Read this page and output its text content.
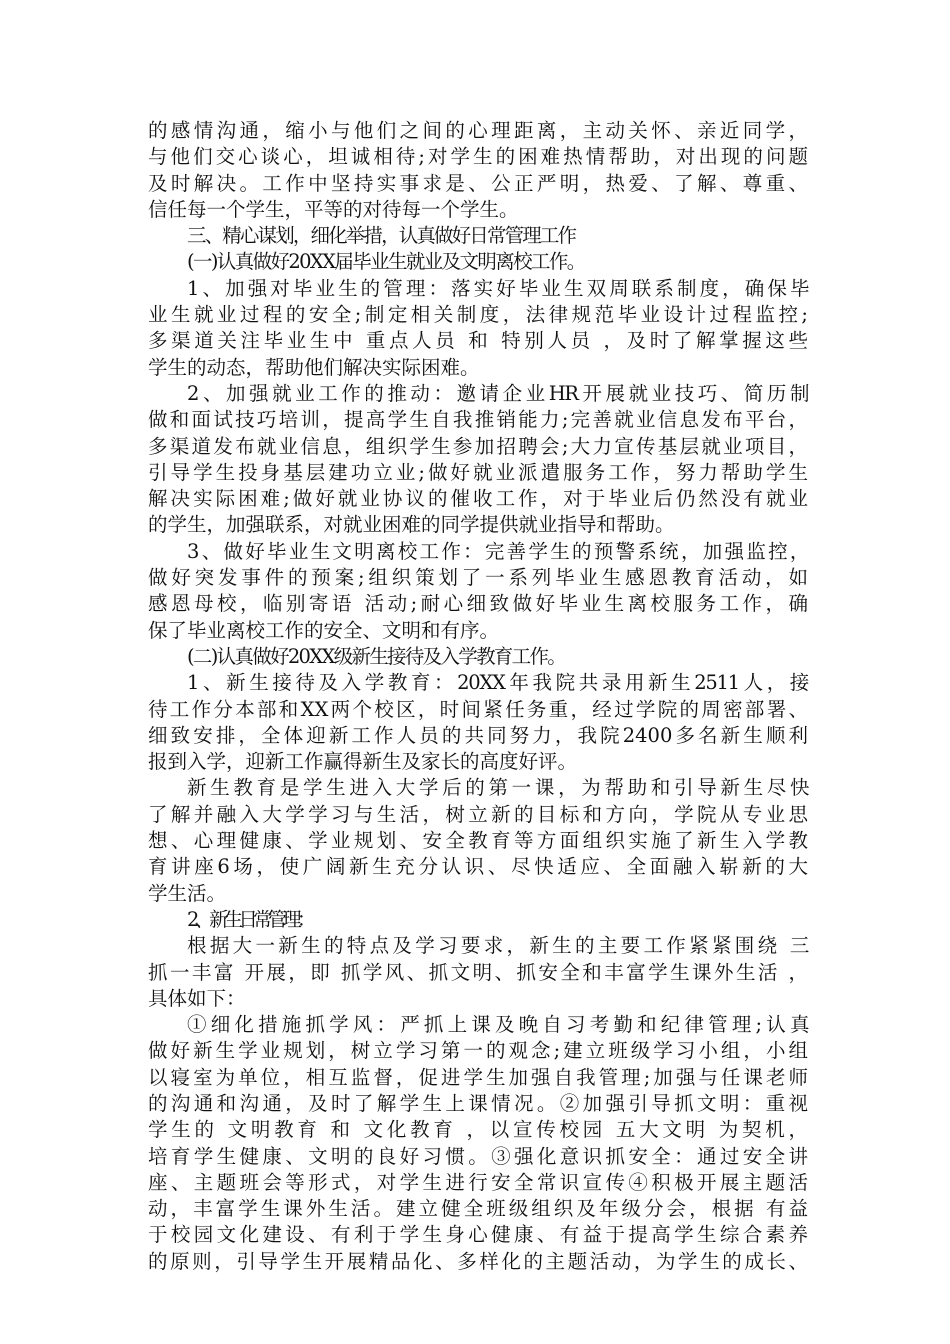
的感情沟通，缩小与他们之间的心理距离，主动关怀、亲近同学，
与他们交心谈心，坦诚相待;对学生的困难热情帮助，对出现的问题
及时解决。工作中坚持实事求是、公正严明，热爱、了解、尊重、
信任每一个学生，平等的对待每一个学生。
三、精心谋划，细化举措，认真做好日常管理工作
(一)认真做好20XX届毕业生就业及文明离校工作。
1、加强对毕业生的管理：落实好毕业生双周联系制度，确保毕
业生就业过程的安全;制定相关制度，法律规范毕业设计过程监控;
多渠道关注毕业生中 重点人员 和 特别人员 ，及时了解掌握这些
学生的动态，帮助他们解决实际困难。
2、加强就业工作的推动：邀请企业HR开展就业技巧、简历制
做和面试技巧培训，提高学生自我推销能力;完善就业信息发布平台，
多渠道发布就业信息，组织学生参加招聘会;大力宣传基层就业项目，
引导学生投身基层建功立业;做好就业派遣服务工作，努力帮助学生
解决实际困难;做好就业协议的催收工作，对于毕业后仍然没有就业
的学生，加强联系，对就业困难的同学提供就业指导和帮助。
3、做好毕业生文明离校工作：完善学生的预警系统，加强监控，
做好突发事件的预案;组织策划了一系列毕业生感恩教育活动，如
感恩母校，临别寄语 活动;耐心细致做好毕业生离校服务工作，确
保了毕业离校工作的安全、文明和有序。
(二)认真做好20XX级新生接待及入学教育工作。
1、新生接待及入学教育：20XX年我院共录用新生2511人，接
待工作分本部和XX两个校区，时间紧任务重，经过学院的周密部署、
细致安排，全体迎新工作人员的共同努力，我院2400多名新生顺利
报到入学，迎新工作赢得新生及家长的高度好评。
新生教育是学生进入大学后的第一课，为帮助和引导新生尽快
了解并融入大学学习与生活，树立新的目标和方向，学院从专业思
想、心理健康、学业规划、安全教育等方面组织实施了新生入学教
育讲座6场，使广阔新生充分认识、尽快适应、全面融入崭新的大
学生活。
2、新生日常管理：
根据大一新生的特点及学习要求，新生的主要工作紧紧围绕 三
抓一丰富 开展，即 抓学风、抓文明、抓安全和丰富学生课外生活 ，
具体如下：
①细化措施抓学风：严抓上课及晚自习考勤和纪律管理;认真
做好新生学业规划，树立学习第一的观念;建立班级学习小组，小组
以寝室为单位，相互监督，促进学生加强自我管理;加强与任课老师
的沟通和沟通，及时了解学生上课情况。②加强引导抓文明：重视
学生的 文明教育 和 文化教育 ，以宣传校园 五大文明 为契机，
培育学生健康、文明的良好习惯。③强化意识抓安全：通过安全讲
座、主题班会等形式，对学生进行安全常识宣传④积极开展主题活
动，丰富学生课外生活。建立健全班级组织及年级分会，根据 有益
于校园文化建设、有利于学生身心健康、有益于提高学生综合素养
的原则，引导学生开展精品化、多样化的主题活动，为学生的成长、
